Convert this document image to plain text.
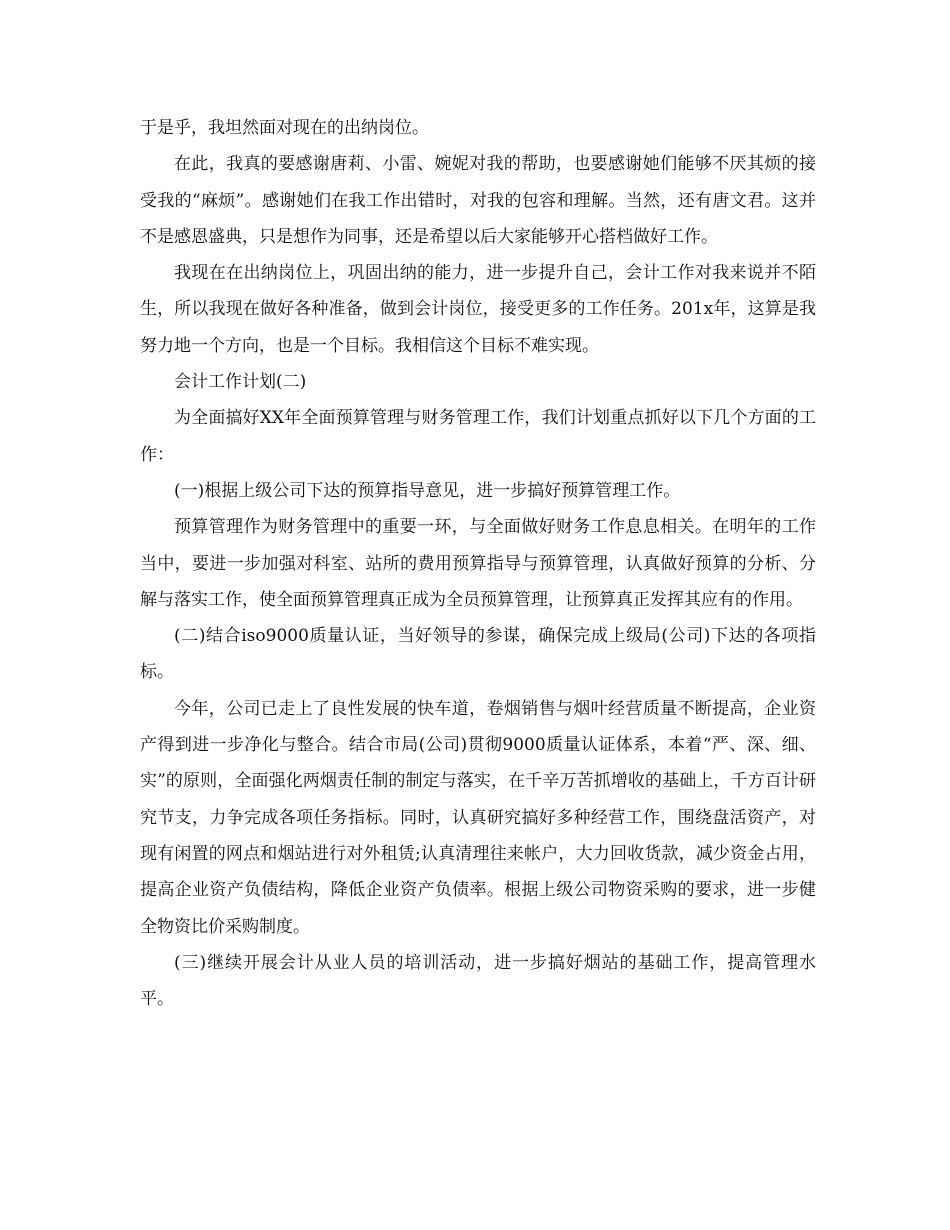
于是乎，我坦然面对现在的出纳岗位。

在此，我真的要感谢唐莉、小雷、婉妮对我的帮助，也要感谢她们能够不厌其烦的接受我的“麻烦”。感谢她们在我工作出错时，对我的包容和理解。当然，还有唐文君。这并不是感恩盛典，只是想作为同事，还是希望以后大家能够开心搭档做好工作。

我现在在出纳岗位上，巩固出纳的能力，进一步提升自己，会计工作对我来说并不陌生，所以我现在做好各种准备，做到会计岗位，接受更多的工作任务。201x年，这算是我努力地一个方向，也是一个目标。我相信这个目标不难实现。

会计工作计划(二)

为全面搞好XX年全面预算管理与财务管理工作，我们计划重点抓好以下几个方面的工作：

(一)根据上级公司下达的预算指导意见，进一步搞好预算管理工作。

预算管理作为财务管理中的重要一环，与全面做好财务工作息息相关。在明年的工作当中，要进一步加强对科室、站所的费用预算指导与预算管理，认真做好预算的分析、分解与落实工作，使全面预算管理真正成为全员预算管理，让预算真正发挥其应有的作用。

(二)结合iso9000质量认证，当好领导的参谋，确保完成上级局(公司)下达的各项指标。

今年，公司已走上了良性发展的快车道，卷烟销售与烟叶经营质量不断提高，企业资产得到进一步净化与整合。结合市局(公司)贯彻9000质量认证体系，本着“严、深、细、实”的原则，全面强化两烟责任制的制定与落实，在千辛万苦抓增收的基础上，千方百计研究节支，力争完成各项任务指标。同时，认真研究搞好多种经营工作，围绕盘活资产，对现有闲置的网点和烟站进行对外租赁;认真清理往来帐户，大力回收货款，减少资金占用，提高企业资产负债结构，降低企业资产负债率。根据上级公司物资采购的要求，进一步健全物资比价采购制度。

(三)继续开展会计从业人员的培训活动，进一步搞好烟站的基础工作，提高管理水平。
